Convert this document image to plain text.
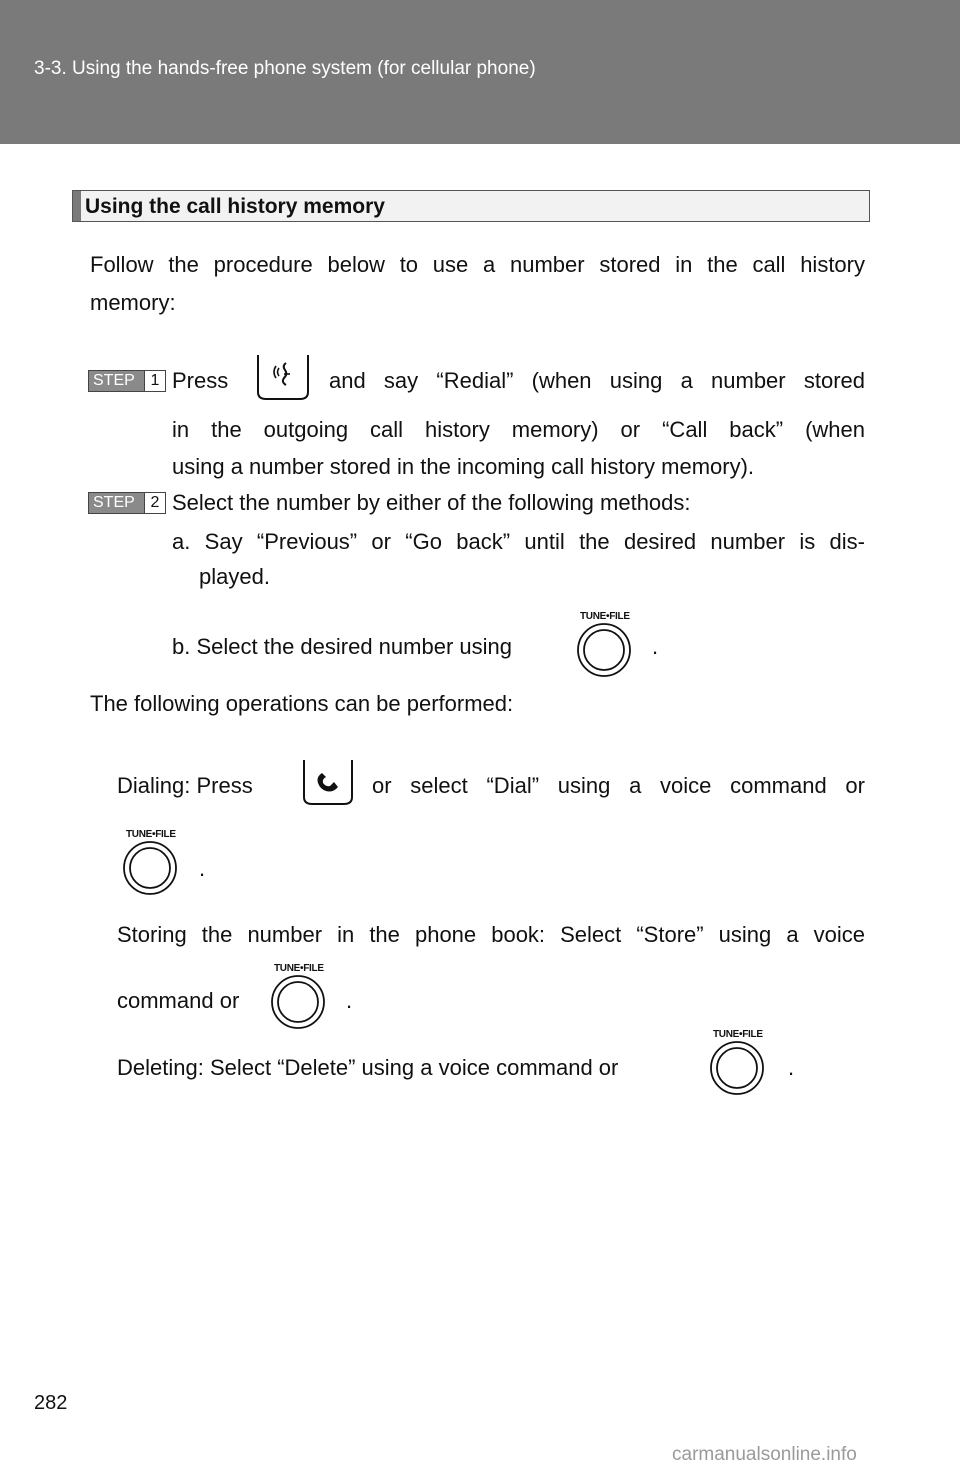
3-3. Using the hands-free phone system (for cellular phone)
Using the call history memory
Follow the procedure below to use a number stored in the call history
memory:
STEP 1 Press	and say “Redial” (when using a number stored
in the outgoing call history memory) or “Call back” (when
using a number stored in the incoming call history memory).
STEP 2 Select the number by either of the following methods:
a. Say “Previous” or “Go back” until the desired number is dis-
played.
b. Select the desired number using
TUNE•FILE
.
The following operations can be performed:
Dialing: Press	or select “Dial” using a voice command or
TUNE•FILE
.
Storing the number in the phone book: Select “Store” using a voice
command or
TUNE•FILE
.
Deleting: Select “Delete” using a voice command or
TUNE•FILE
.
282
carmanualsonline.info
